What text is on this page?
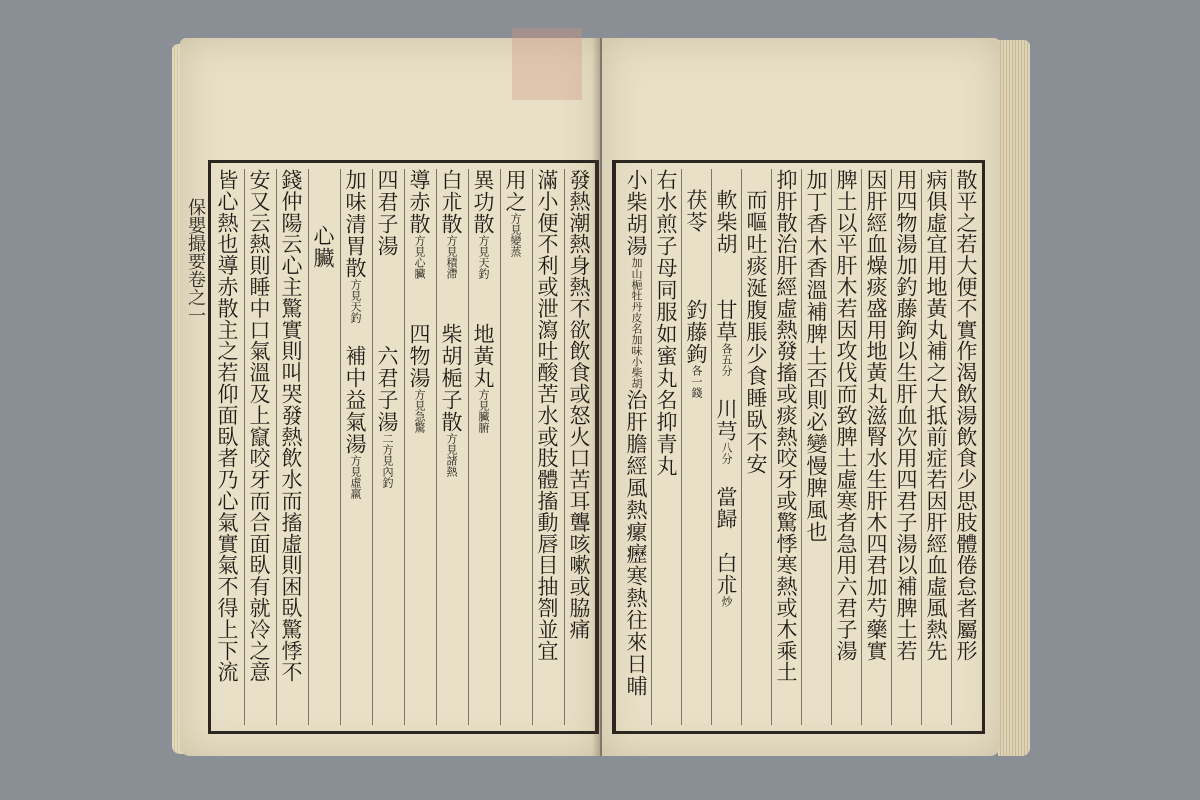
保嬰撮要卷之一	發熱潮熱身熱不欲飲食或怒火口苦耳聾咳嗽或脇痛
滿小便不利或泄瀉吐酸苦水或肢體搐動唇目抽劄並宜
用之方見變蒸
異功散方見天釣　　地黃丸方見臟腑
白朮散方見積滯　　柴胡梔子散方見諸熱
導赤散方見心臟　　四物湯方見急驚
四君子湯　　　　六君子湯二方見內釣
加味清胃散方見天釣　補中益氣湯方見虛羸
心臟
錢仲陽云心主驚實則叫哭發熱飲水而搐虛則困臥驚悸不
安又云熱則睡中口氣溫及上竄咬牙而合面臥有就冷之意
皆心熱也導赤散主之若仰面臥者乃心氣實氣不得上下流	散平之若大便不實作渴飲湯飲食少思肢體倦怠者屬形
病俱虛宜用地黃丸補之大抵前症若因肝經血虛風熱先
用四物湯加釣藤鉤以生肝血次用四君子湯以補脾土若
因肝經血燥痰盛用地黃丸滋腎水生肝木四君加芍藥實
脾土以平肝木若因攻伐而致脾土虛寒者急用六君子湯
加丁香木香溫補脾土否則必變慢脾風也
抑肝散治肝經虛熱發搐或痰熱咬牙或驚悸寒熱或木乘土
而嘔吐痰涎腹脹少食睡臥不安
軟柴胡　　甘草各五分　川芎八分　當歸　白朮炒
茯苓　　　釣藤鉤各一錢
右水煎子母同服如蜜丸名抑青丸
小柴胡湯加山梔牡丹皮名加味小柴胡治肝膽經風熱瘰癧寒熱往來日晡
